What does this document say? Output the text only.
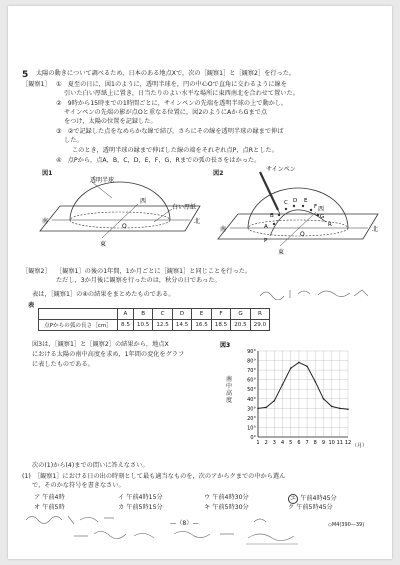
5 太陽の動きについて調べるため，日本のある地点Xで，次の［観察1］と［観察2］を行った。
［観察1］ ①　夏至の日に，図1のように，透明半球を，円の中心Oで直角に交わるように線を
引いた白い厚紙上に置き，日当たりのよい水平な場所に東西南北を合わせて置いた。
②　9時から15時までの1時間ごとに，サインペンの先端を透明半球の上で動かし，
サインペンの先端の影が点Oと重なる位置に，図2のようにAからGまで点
をつけ，太陽の位置を記録した。
③　②で記録した点をなめらかな線で結び，さらにその線を透明半球の縁まで伸ば
した。
このとき，透明半球の縁まで伸ばした線の端をそれぞれ点P，点Rとした。
④　点Pから，点A，B，C，D，E，F，G，Rまでの弧の長さをはかった。
図1
透明半球
白い厚紙
南	北
西
東
O
図2
サインペン
A
B
C D E
F
G
P
R
南	北
西
東
O
［観察2］ ［観察1］の後の1年間，1か月ごとに［観察1］と同じことを行った。
ただし，3か月後に観察を行ったのは，秋分の日であった。
表は，［観察1］の④の結果をまとめたものである。
表
	A	B	C	D	E	F	G	R
点Pからの弧の長さ［cm］	8.5	10.5	12.5	14.5	16.5	18.5	20.5	29.0
図3は，［観察1］と［観察2］の結果から，地点X
における太陽の南中高度を求め，1年間の変化をグラフ
に表したものである。
図3
0°
10°
20°
30°
40°
50°
60°
70°
80°
90°
1 2 3 4 5 6 7 8 9 10 11 12 （月）
南
中
高
度
次の(1)から(4)までの問いに答えなさい。
(1)　［観察1］における日の出の時刻として最も適当なものを，次のアからクまでの中から選ん
で，そのかな符号を書きなさい。
ア 午前4時	イ 午前4時15分	ウ 午前4時30分	エ 午前4時45分
オ 午前5時	カ 午前5時15分	キ 午前5時30分	ク 午前5時45分
—（8）—	◇M4(390—39)
